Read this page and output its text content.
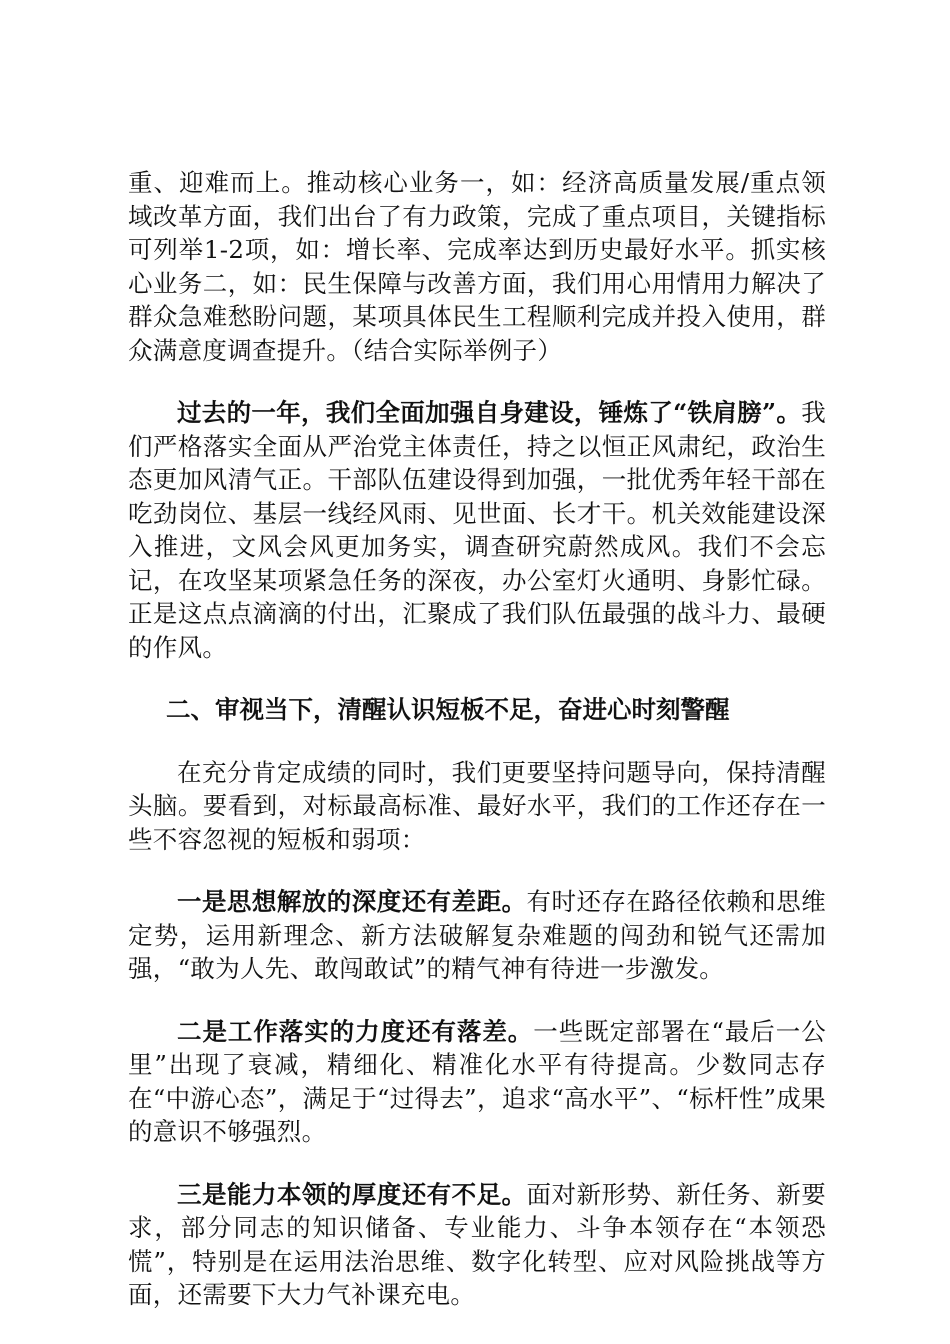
重、迎难而上。推动核心业务一，如：经济高质量发展/重点领域改革方面，我们出台了有力政策，完成了重点项目，关键指标可列举1-2项，如：增长率、完成率达到历史最好水平。抓实核心业务二，如：民生保障与改善方面，我们用心用情用力解决了群众急难愁盼问题，某项具体民生工程顺利完成并投入使用，群众满意度调查提升。（结合实际举例子）

过去的一年，我们全面加强自身建设，锤炼了“铁肩膀”。我们严格落实全面从严治党主体责任，持之以恒正风肃纪，政治生态更加风清气正。干部队伍建设得到加强，一批优秀年轻干部在吃劲岗位、基层一线经风雨、见世面、长才干。机关效能建设深入推进，文风会风更加务实，调查研究蔚然成风。我们不会忘记，在攻坚某项紧急任务的深夜，办公室灯火通明、身影忙碌。正是这点点滴滴的付出，汇聚成了我们队伍最强的战斗力、最硬的作风。

二、审视当下，清醒认识短板不足，奋进心时刻警醒

在充分肯定成绩的同时，我们更要坚持问题导向，保持清醒头脑。要看到，对标最高标准、最好水平，我们的工作还存在一些不容忽视的短板和弱项：

一是思想解放的深度还有差距。有时还存在路径依赖和思维定势，运用新理念、新方法破解复杂难题的闯劲和锐气还需加强，“敢为人先、敢闯敢试”的精气神有待进一步激发。

二是工作落实的力度还有落差。一些既定部署在“最后一公里”出现了衰减，精细化、精准化水平有待提高。少数同志存在“中游心态”，满足于“过得去”，追求“高水平”、“标杆性”成果的意识不够强烈。

三是能力本领的厚度还有不足。面对新形势、新任务、新要求，部分同志的知识储备、专业能力、斗争本领存在“本领恐慌”，特别是在运用法治思维、数字化转型、应对风险挑战等方面，还需要下大力气补课充电。
